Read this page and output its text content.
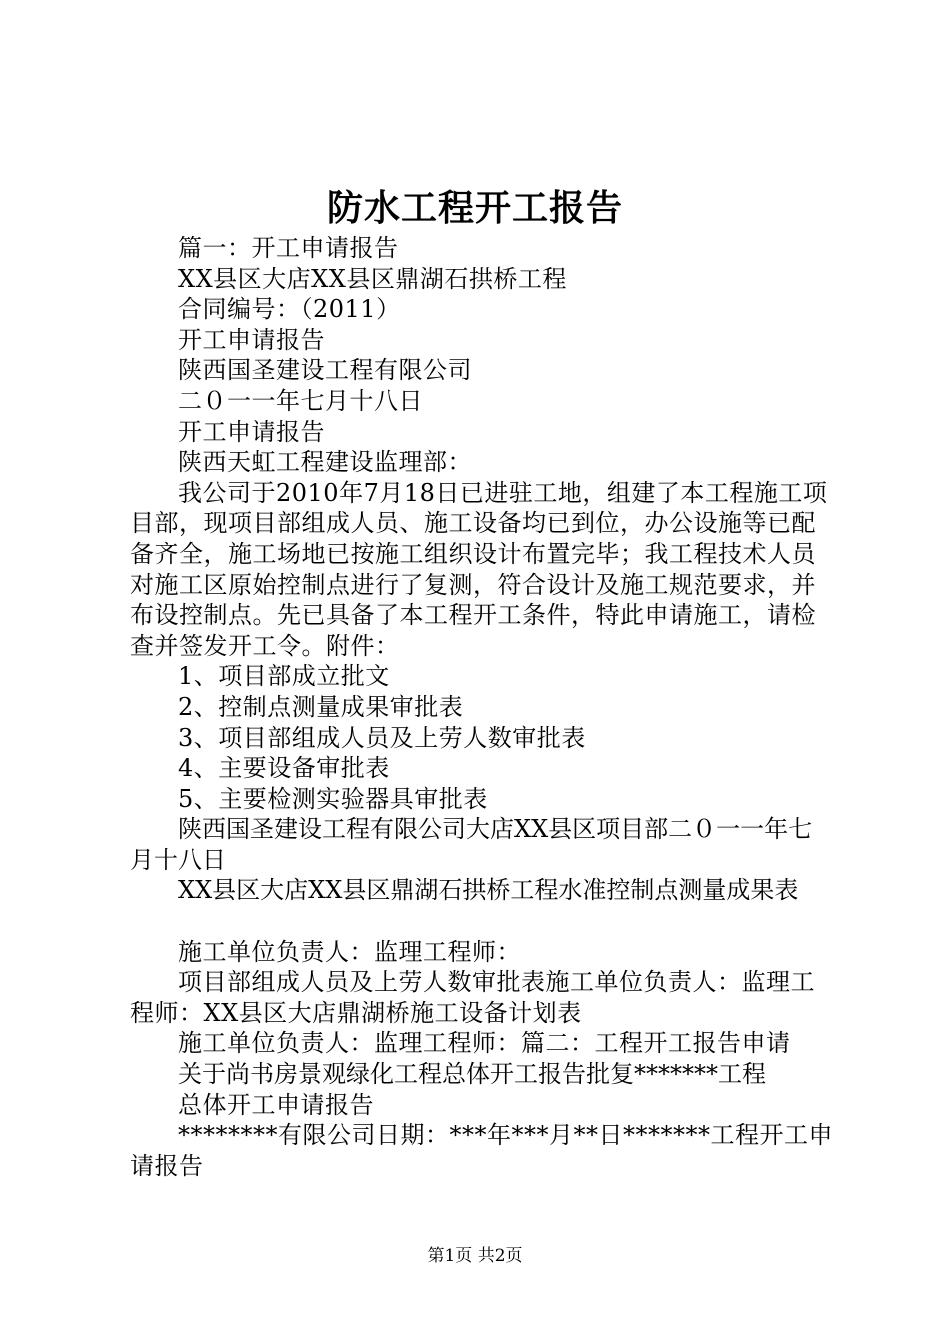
防水工程开工报告

篇一：开工申请报告

XX县区大店XX县区鼎湖石拱桥工程

合同编号：（2011）

开工申请报告

陕西国圣建设工程有限公司

二０一一年七月十八日

开工申请报告

陕西天虹工程建设监理部：

我公司于2010年7月18日已进驻工地，组建了本工程施工项目部，现项目部组成人员、施工设备均已到位，办公设施等已配备齐全，施工场地已按施工组织设计布置完毕；我工程技术人员对施工区原始控制点进行了复测，符合设计及施工规范要求，并布设控制点。先已具备了本工程开工条件，特此申请施工，请检查并签发开工令。附件：

1、项目部成立批文

2、控制点测量成果审批表

3、项目部组成人员及上劳人数审批表

4、主要设备审批表

5、主要检测实验器具审批表

陕西国圣建设工程有限公司大店XX县区项目部二０一一年七月十八日

XX县区大店XX县区鼎湖石拱桥工程水准控制点测量成果表

施工单位负责人：监理工程师：

项目部组成人员及上劳人数审批表施工单位负责人：监理工程师：XX县区大店鼎湖桥施工设备计划表

施工单位负责人：监理工程师：篇二：工程开工报告申请

关于尚书房景观绿化工程总体开工报告批复*******工程

总体开工申请报告

********有限公司日期：***年***月**日*******工程开工申请报告

第1页 共2页
